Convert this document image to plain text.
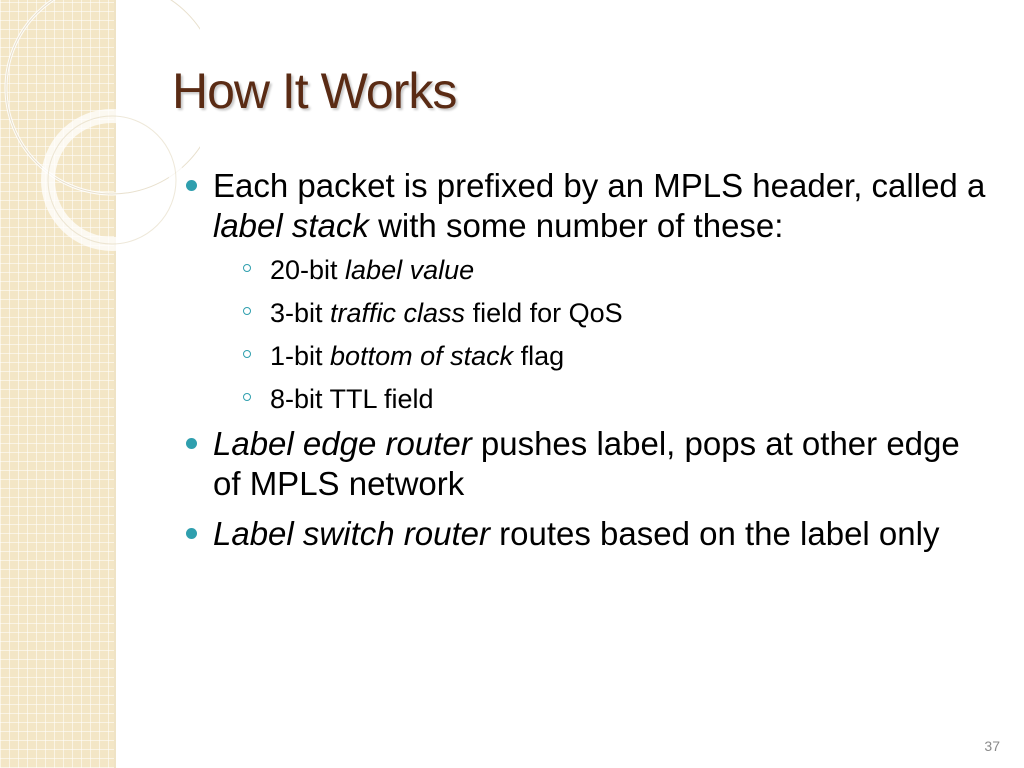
How It Works
Each packet is prefixed by an MPLS header, called a label stack with some number of these:
20-bit label value
3-bit traffic class field for QoS
1-bit bottom of stack flag
8-bit TTL field
Label edge router pushes label, pops at other edge of MPLS network
Label switch router routes based on the label only
37
